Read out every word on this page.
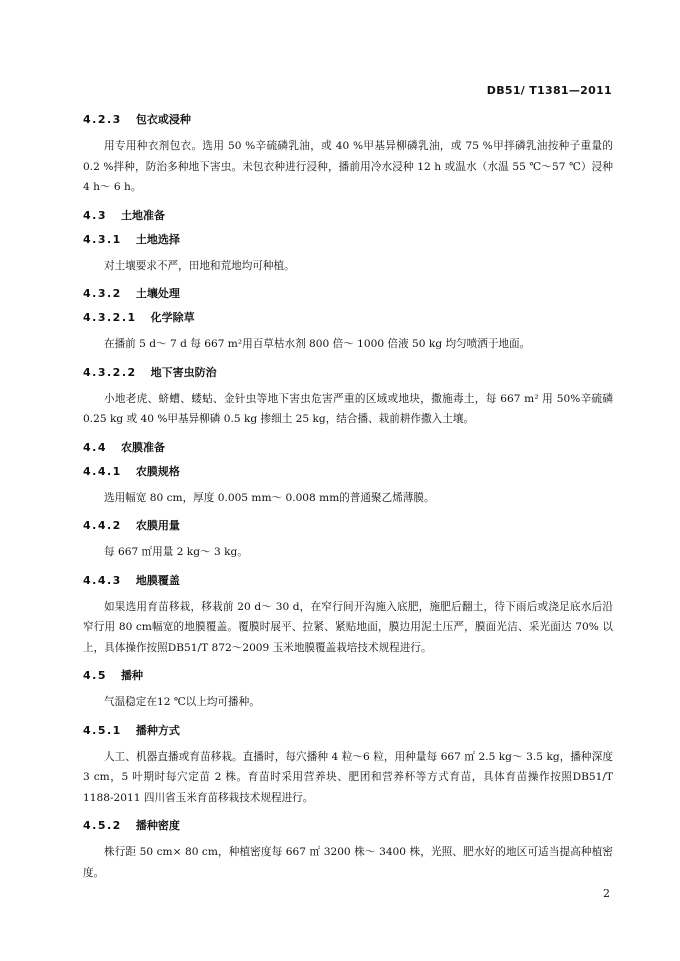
DB51/ T1381—2011
4.2.3 包衣或浸种

用专用种衣剂包衣。选用 50 %辛硫磷乳油，或 40 %甲基异柳磷乳油，或 75 %甲拌磷乳油按种子重量的 0.2 %拌种，防治多种地下害虫。未包衣种进行浸种，播前用冷水浸种 12 h 或温水（水温 55 ℃～57 ℃）浸种 4 h～ 6 h。

4.3 土地准备
4.3.1 土地选择

对土壤要求不严，田地和荒地均可种植。

4.3.2 土壤处理
4.3.2.1 化学除草

在播前 5 d～ 7 d 每 667 m²用百草枯水剂 800 倍～ 1000 倍液 50 kg 均匀喷洒于地面。

4.3.2.2 地下害虫防治

小地老虎、蛴螬、蝼蛄、金针虫等地下害虫危害严重的区域或地块，撒施毒土，每 667 m² 用 50%辛硫磷 0.25 kg 或 40 %甲基异柳磷 0.5 kg 掺细土 25 kg，结合播、栽前耕作撒入土壤。

4.4 农膜准备
4.4.1 农膜规格

选用幅宽 80 cm，厚度 0.005 mm～ 0.008 mm的普通聚乙烯薄膜。

4.4.2 农膜用量

每 667 ㎡用量 2 kg～ 3 kg。

4.4.3 地膜覆盖

如果选用育苗移栽，移栽前 20 d～ 30 d，在窄行间开沟施入底肥，施肥后翻土，待下雨后或浇足底水后沿窄行用 80 cm幅宽的地膜覆盖。覆膜时展平、拉紧、紧贴地面，膜边用泥土压严，膜面光洁、采光面达 70% 以上，具体操作按照DB51/T 872～2009 玉米地膜覆盖栽培技术规程进行。

4.5 播种

气温稳定在12 ℃以上均可播种。

4.5.1 播种方式

人工、机器直播或育苗移栽。直播时，每穴播种 4 粒～6 粒，用种量每 667 ㎡ 2.5 kg～ 3.5 kg，播种深度 3 cm，5 叶期时每穴定苗 2 株。育苗时采用营养块、肥团和营养杯等方式育苗，具体育苗操作按照DB51/T 1188-2011 四川省玉米育苗移栽技术规程进行。

4.5.2 播种密度

株行距 50 cm× 80 cm，种植密度每 667 ㎡ 3200 株～ 3400 株，光照、肥水好的地区可适当提高种植密度。

2
